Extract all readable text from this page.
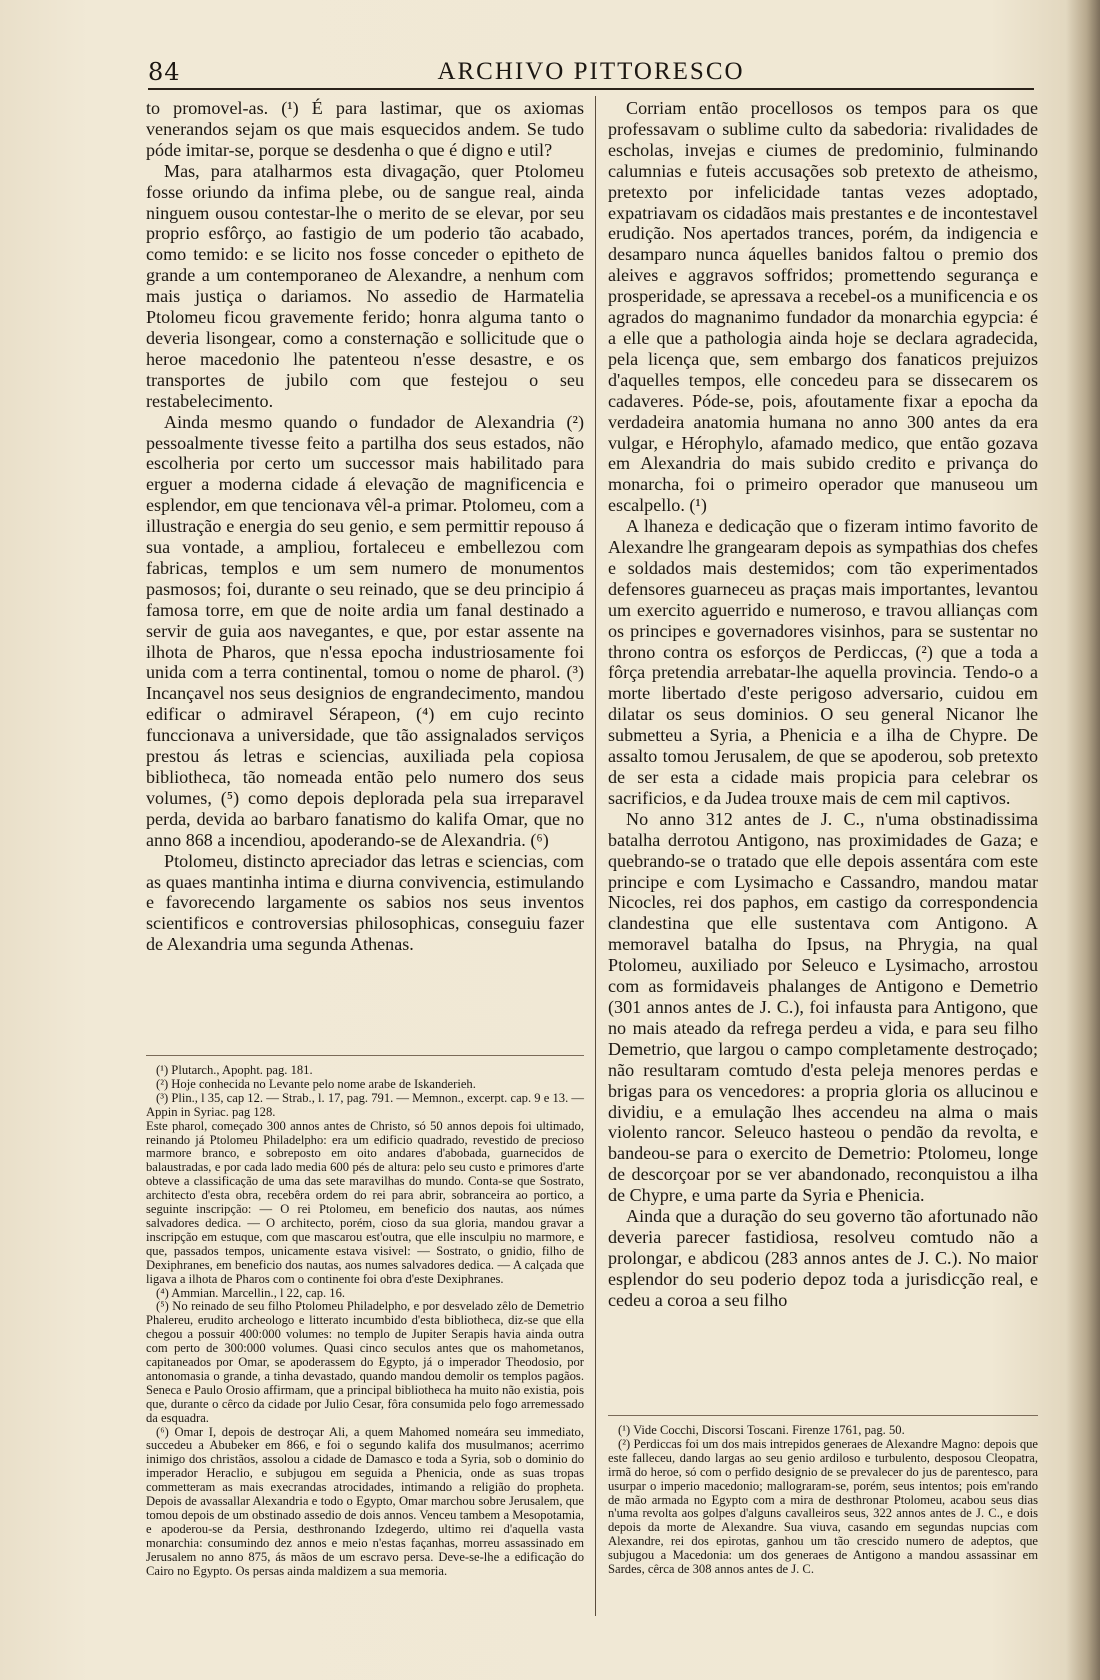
84	ARCHIVO PITTORESCO

to promovel-as. (¹) É para lastimar, que os axiomas venerandos sejam os que mais esquecidos andem. Se tudo póde imitar-se, porque se desdenha o que é digno e util?

Mas, para atalharmos esta divagação, quer Ptolomeu fosse oriundo da infima plebe, ou de sangue real, ainda ninguem ousou contestar-lhe o merito de se elevar, por seu proprio esfôrço, ao fastigio de um poderio tão acabado, como temido: e se licito nos fosse conceder o epitheto de grande a um contemporaneo de Alexandre, a nenhum com mais justiça o dariamos. No assedio de Harmatelia Ptolomeu ficou gravemente ferido; honra alguma tanto o deveria lisongear, como a consternação e sollicitude que o heroe macedonio lhe patenteou n'esse desastre, e os transportes de jubilo com que festejou o seu restabelecimento.

Ainda mesmo quando o fundador de Alexandria (²) pessoalmente tivesse feito a partilha dos seus estados, não escolheria por certo um successor mais habilitado para erguer a moderna cidade á elevação de magnificencia e esplendor, em que tencionava vêl-a primar. Ptolomeu, com a illustração e energia do seu genio, e sem permittir repouso á sua vontade, a ampliou, fortaleceu e embellezou com fabricas, templos e um sem numero de monumentos pasmosos; foi, durante o seu reinado, que se deu principio á famosa torre, em que de noite ardia um fanal destinado a servir de guia aos navegantes, e que, por estar assente na ilhota de Pharos, que n'essa epocha industriosamente foi unida com a terra continental, tomou o nome de pharol. (³) Incançavel nos seus designios de engrandecimento, mandou edificar o admiravel Sérapeon, (⁴) em cujo recinto funccionava a universidade, que tão assignalados serviços prestou ás letras e sciencias, auxiliada pela copiosa bibliotheca, tão nomeada então pelo numero dos seus volumes, (⁵) como depois deplorada pela sua irreparavel perda, devida ao barbaro fanatismo do kalifa Omar, que no anno 868 a incendiou, apoderando-se de Alexandria. (⁶)

Ptolomeu, distincto apreciador das letras e sciencias, com as quaes mantinha intima e diurna convivencia, estimulando e favorecendo largamente os sabios nos seus inventos scientificos e controversias philosophicas, conseguiu fazer de Alexandria uma segunda Athenas.

(¹) Plutarch., Apopht. pag. 181.

(²) Hoje conhecida no Levante pelo nome arabe de Iskanderieh.

(³) Plin., l 35, cap 12. — Strab., l. 17, pag. 791. — Memnon., excerpt. cap. 9 e 13. — Appin in Syriac. pag 128.

Este pharol, começado 300 annos antes de Christo, só 50 annos depois foi ultimado, reinando já Ptolomeu Philadelpho: era um edificio quadrado, revestido de precioso marmore branco, e sobreposto em oito andares d'abobada, guarnecidos de balaustradas, e por cada lado media 600 pés de altura: pelo seu custo e primores d'arte obteve a classificação de uma das sete maravilhas do mundo. Conta-se que Sostrato, architecto d'esta obra, recebêra ordem do rei para abrir, sobranceira ao portico, a seguinte inscripção: — O rei Ptolomeu, em beneficio dos nautas, aos númes salvadores dedica. — O architecto, porém, cioso da sua gloria, mandou gravar a inscripção em estuque, com que mascarou est'outra, que elle insculpiu no marmore, e que, passados tempos, unicamente estava visivel: — Sostrato, o gnidio, filho de Dexiphranes, em beneficio dos nautas, aos numes salvadores dedica. — A calçada que ligava a ilhota de Pharos com o continente foi obra d'este Dexiphranes.

(⁴) Ammian. Marcellin., l 22, cap. 16.

(⁵) No reinado de seu filho Ptolomeu Philadelpho, e por desvelado zêlo de Demetrio Phalereu, erudito archeologo e litterato incumbido d'esta bibliotheca, diz-se que ella chegou a possuir 400:000 volumes: no templo de Jupiter Serapis havia ainda outra com perto de 300:000 volumes. Quasi cinco seculos antes que os mahometanos, capitaneados por Omar, se apoderassem do Egypto, já o imperador Theodosio, por antonomasia o grande, a tinha devastado, quando mandou demolir os templos pagãos. Seneca e Paulo Orosio affirmam, que a principal bibliotheca ha muito não existia, pois que, durante o cêrco da cidade por Julio Cesar, fôra consumida pelo fogo arremessado da esquadra.

(⁶) Omar I, depois de destroçar Ali, a quem Mahomed nomeára seu immediato, succedeu a Abubeker em 866, e foi o segundo kalifa dos musulmanos; acerrimo inimigo dos christãos, assolou a cidade de Damasco e toda a Syria, sob o dominio do imperador Heraclio, e subjugou em seguida a Phenicia, onde as suas tropas commetteram as mais execrandas atrocidades, intimando a religião do propheta. Depois de avassallar Alexandria e todo o Egypto, Omar marchou sobre Jerusalem, que tomou depois de um obstinado assedio de dois annos. Venceu tambem a Mesopotamia, e apoderou-se da Persia, desthronando Izdegerdo, ultimo rei d'aquella vasta monarchia: consumindo dez annos e meio n'estas façanhas, morreu assassinado em Jerusalem no anno 875, ás mãos de um escravo persa. Deve-se-lhe a edificação do Cairo no Egypto. Os persas ainda maldizem a sua memoria.

Corriam então procellosos os tempos para os que professavam o sublime culto da sabedoria: rivalidades de escholas, invejas e ciumes de predominio, fulminando calumnias e futeis accusações sob pretexto de atheismo, pretexto por infelicidade tantas vezes adoptado, expatriavam os cidadãos mais prestantes e de incontestavel erudição. Nos apertados trances, porém, da indigencia e desamparo nunca áquelles banidos faltou o premio dos aleives e aggravos soffridos; promettendo segurança e prosperidade, se apressava a recebel-os a munificencia e os agrados do magnanimo fundador da monarchia egypcia: é a elle que a pathologia ainda hoje se declara agradecida, pela licença que, sem embargo dos fanaticos prejuizos d'aquelles tempos, elle concedeu para se dissecarem os cadaveres. Póde-se, pois, afoutamente fixar a epocha da verdadeira anatomia humana no anno 300 antes da era vulgar, e Hérophylo, afamado medico, que então gozava em Alexandria do mais subido credito e privança do monarcha, foi o primeiro operador que manuseou um escalpello. (¹)

A lhaneza e dedicação que o fizeram intimo favorito de Alexandre lhe grangearam depois as sympathias dos chefes e soldados mais destemidos; com tão experimentados defensores guarneceu as praças mais importantes, levantou um exercito aguerrido e numeroso, e travou allianças com os principes e governadores visinhos, para se sustentar no throno contra os esforços de Perdiccas, (²) que a toda a fôrça pretendia arrebatar-lhe aquella provincia. Tendo-o a morte libertado d'este perigoso adversario, cuidou em dilatar os seus dominios. O seu general Nicanor lhe submetteu a Syria, a Phenicia e a ilha de Chypre. De assalto tomou Jerusalem, de que se apoderou, sob pretexto de ser esta a cidade mais propicia para celebrar os sacrificios, e da Judea trouxe mais de cem mil captivos.

No anno 312 antes de J. C., n'uma obstinadissima batalha derrotou Antigono, nas proximidades de Gaza; e quebrando-se o tratado que elle depois assentára com este principe e com Lysimacho e Cassandro, mandou matar Nicocles, rei dos paphos, em castigo da correspondencia clandestina que elle sustentava com Antigono. A memoravel batalha do Ipsus, na Phrygia, na qual Ptolomeu, auxiliado por Seleuco e Lysimacho, arrostou com as formidaveis phalanges de Antigono e Demetrio (301 annos antes de J. C.), foi infausta para Antigono, que no mais ateado da refrega perdeu a vida, e para seu filho Demetrio, que largou o campo completamente destroçado; não resultaram comtudo d'esta peleja menores perdas e brigas para os vencedores: a propria gloria os allucinou e dividiu, e a emulação lhes accendeu na alma o mais violento rancor. Seleuco hasteou o pendão da revolta, e bandeou-se para o exercito de Demetrio: Ptolomeu, longe de descorçoar por se ver abandonado, reconquistou a ilha de Chypre, e uma parte da Syria e Phenicia.

Ainda que a duração do seu governo tão afortunado não deveria parecer fastidiosa, resolveu comtudo não a prolongar, e abdicou (283 annos antes de J. C.). No maior esplendor do seu poderio depoz toda a jurisdicção real, e cedeu a coroa a seu filho

(¹) Vide Cocchi, Discorsi Toscani. Firenze 1761, pag. 50.

(²) Perdiccas foi um dos mais intrepidos generaes de Alexandre Magno: depois que este falleceu, dando largas ao seu genio ardiloso e turbulento, desposou Cleopatra, irmã do heroe, só com o perfido designio de se prevalecer do jus de parentesco, para usurpar o imperio macedonio; mallograram-se, porém, seus intentos; pois em'rando de mão armada no Egypto com a mira de desthronar Ptolomeu, acabou seus dias n'uma revolta aos golpes d'alguns cavalleiros seus, 322 annos antes de J. C., e dois depois da morte de Alexandre. Sua viuva, casando em segundas nupcias com Alexandre, rei dos epirotas, ganhou um tão crescido numero de adeptos, que subjugou a Macedonia: um dos generaes de Antigono a mandou assassinar em Sardes, cêrca de 308 annos antes de J. C.
